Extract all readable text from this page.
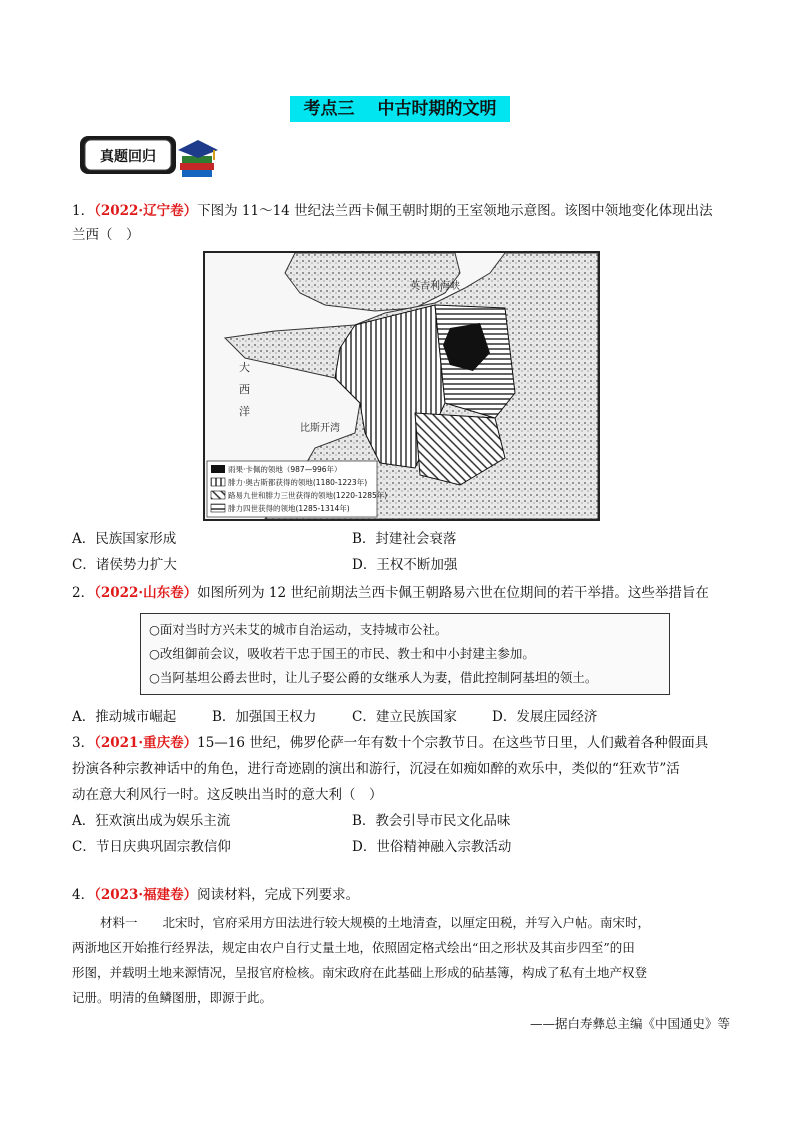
考点三　 中古时期的文明
真题回归
1．（2022·辽宁卷）下图为 11～14 世纪法兰西卡佩王朝时期的王室领地示意图。该图中领地变化体现出法
兰西（　）
英吉利海峡
大
西
洋
比斯开湾
雨果·卡佩的领地（987—996年）
腓力·奥古斯都获得的领地(1180-1223年)
路易九世和腓力三世获得的领地(1220-1285年)
腓力四世获得的领地(1285-1314年)
A．民族国家形成	B．封建社会衰落
C．诸侯势力扩大	D．王权不断加强
2．（2022·山东卷）如图所列为 12 世纪前期法兰西卡佩王朝路易六世在位期间的若干举措。这些举措旨在
○面对当时方兴未艾的城市自治运动，支持城市公社。
○改组御前会议，吸收若干忠于国王的市民、教士和中小封建主参加。
○当阿基坦公爵去世时，让儿子娶公爵的女继承人为妻，借此控制阿基坦的领土。
A．推动城市崛起	B．加强国王权力	C．建立民族国家	D．发展庄园经济
3．（2021·重庆卷）15—16 世纪，佛罗伦萨一年有数十个宗教节日。在这些节日里，人们戴着各种假面具
扮演各种宗教神话中的角色，进行奇迹剧的演出和游行，沉浸在如痴如醉的欢乐中，类似的“狂欢节”活
动在意大利风行一时。这反映出当时的意大利（　）
A．狂欢演出成为娱乐主流	B．教会引导市民文化品味
C．节日庆典巩固宗教信仰	D．世俗精神融入宗教活动
4．（2023·福建卷）阅读材料，完成下列要求。
材料一　　 北宋时，官府采用方田法进行较大规模的土地清查，以厘定田税，并写入户帖。南宋时，
两浙地区开始推行经界法，规定由农户自行丈量土地，依照固定格式绘出“田之形状及其亩步四至”的田
形图，并载明土地来源情况，呈报官府检核。南宋政府在此基础上形成的砧基簿，构成了私有土地产权登
记册。明清的鱼鳞图册，即源于此。
——据白寿彝总主编《中国通史》等
